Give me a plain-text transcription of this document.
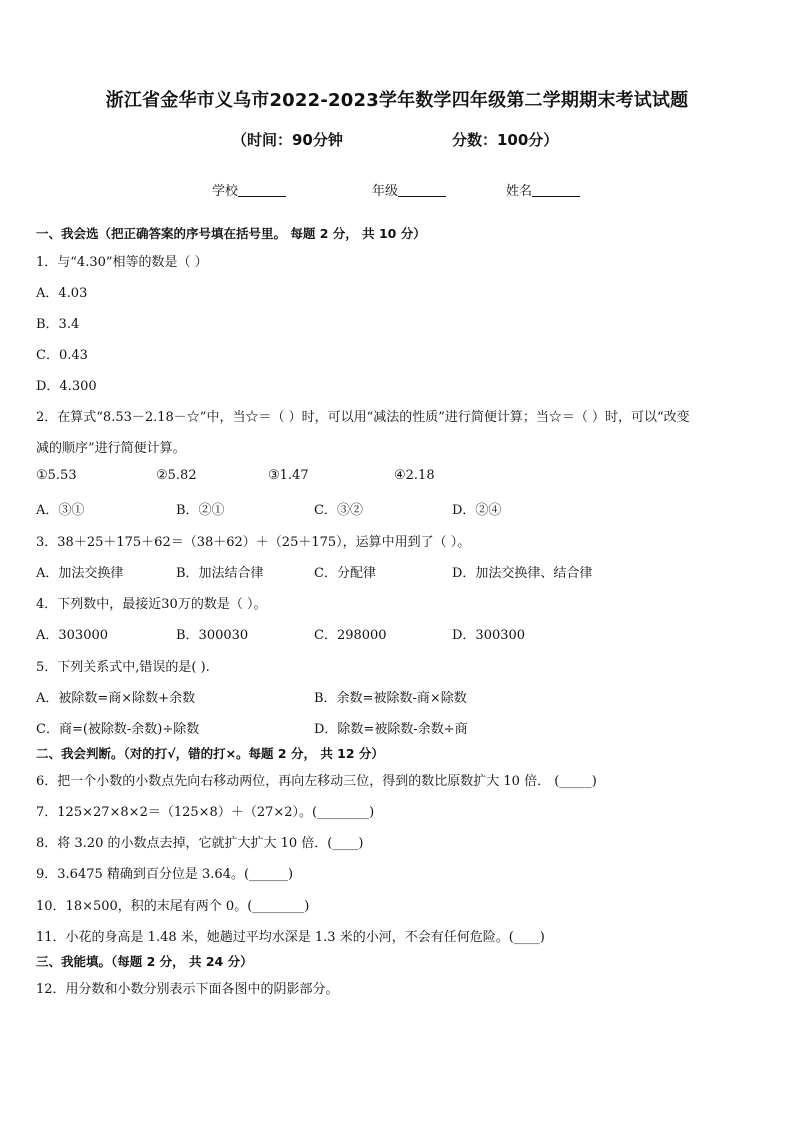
浙江省金华市义乌市2022-2023学年数学四年级第二学期期末考试试题
（时间：90分钟	分数：100分）
学校	年级	姓名
一、我会选（把正确答案的序号填在括号里。 每题 2 分， 共 10 分）
1．与“4.30”相等的数是（ ）
A．4.03
B．3.4
C．0.43
D．4.300
2．在算式“8.53－2.18－☆”中，当☆＝（ ）时，可以用“减法的性质”进行简便计算；当☆＝（ ）时，可以“改变
减的顺序”进行简便计算。
①5.53	②5.82	③1.47	④2.18
A．③①	B．②①	C．③②	D．②④
3．38＋25＋175＋62＝（38＋62）＋（25＋175），运算中用到了（ ）。
A．加法交换律	B．加法结合律	C．分配律	D．加法交换律、结合律
4．下列数中，最接近30万的数是（ ）。
A．303000	B．300030	C．298000	D．300300
5．下列关系式中,错误的是( ).
A．被除数=商×除数+余数	B．余数=被除数-商×除数
C．商=(被除数-余数)÷除数	D．除数=被除数-余数÷商
二、我会判断。（对的打√，错的打×。每题 2 分， 共 12 分）
6．把一个小数的小数点先向右移动两位，再向左移动三位，得到的数比原数扩大 10 倍． (_____)
7．125×27×8×2＝（125×8）＋（27×2）。(________)
8．将 3.20 的小数点去掉，它就扩大扩大 10 倍．(____)
9．3.6475 精确到百分位是 3.64。(______)
10．18×500，积的末尾有两个 0。(________)
11．小花的身高是 1.48 米，她趟过平均水深是 1.3 米的小河，不会有任何危险。(____)
三、我能填。（每题 2 分， 共 24 分）
12．用分数和小数分别表示下面各图中的阴影部分。
